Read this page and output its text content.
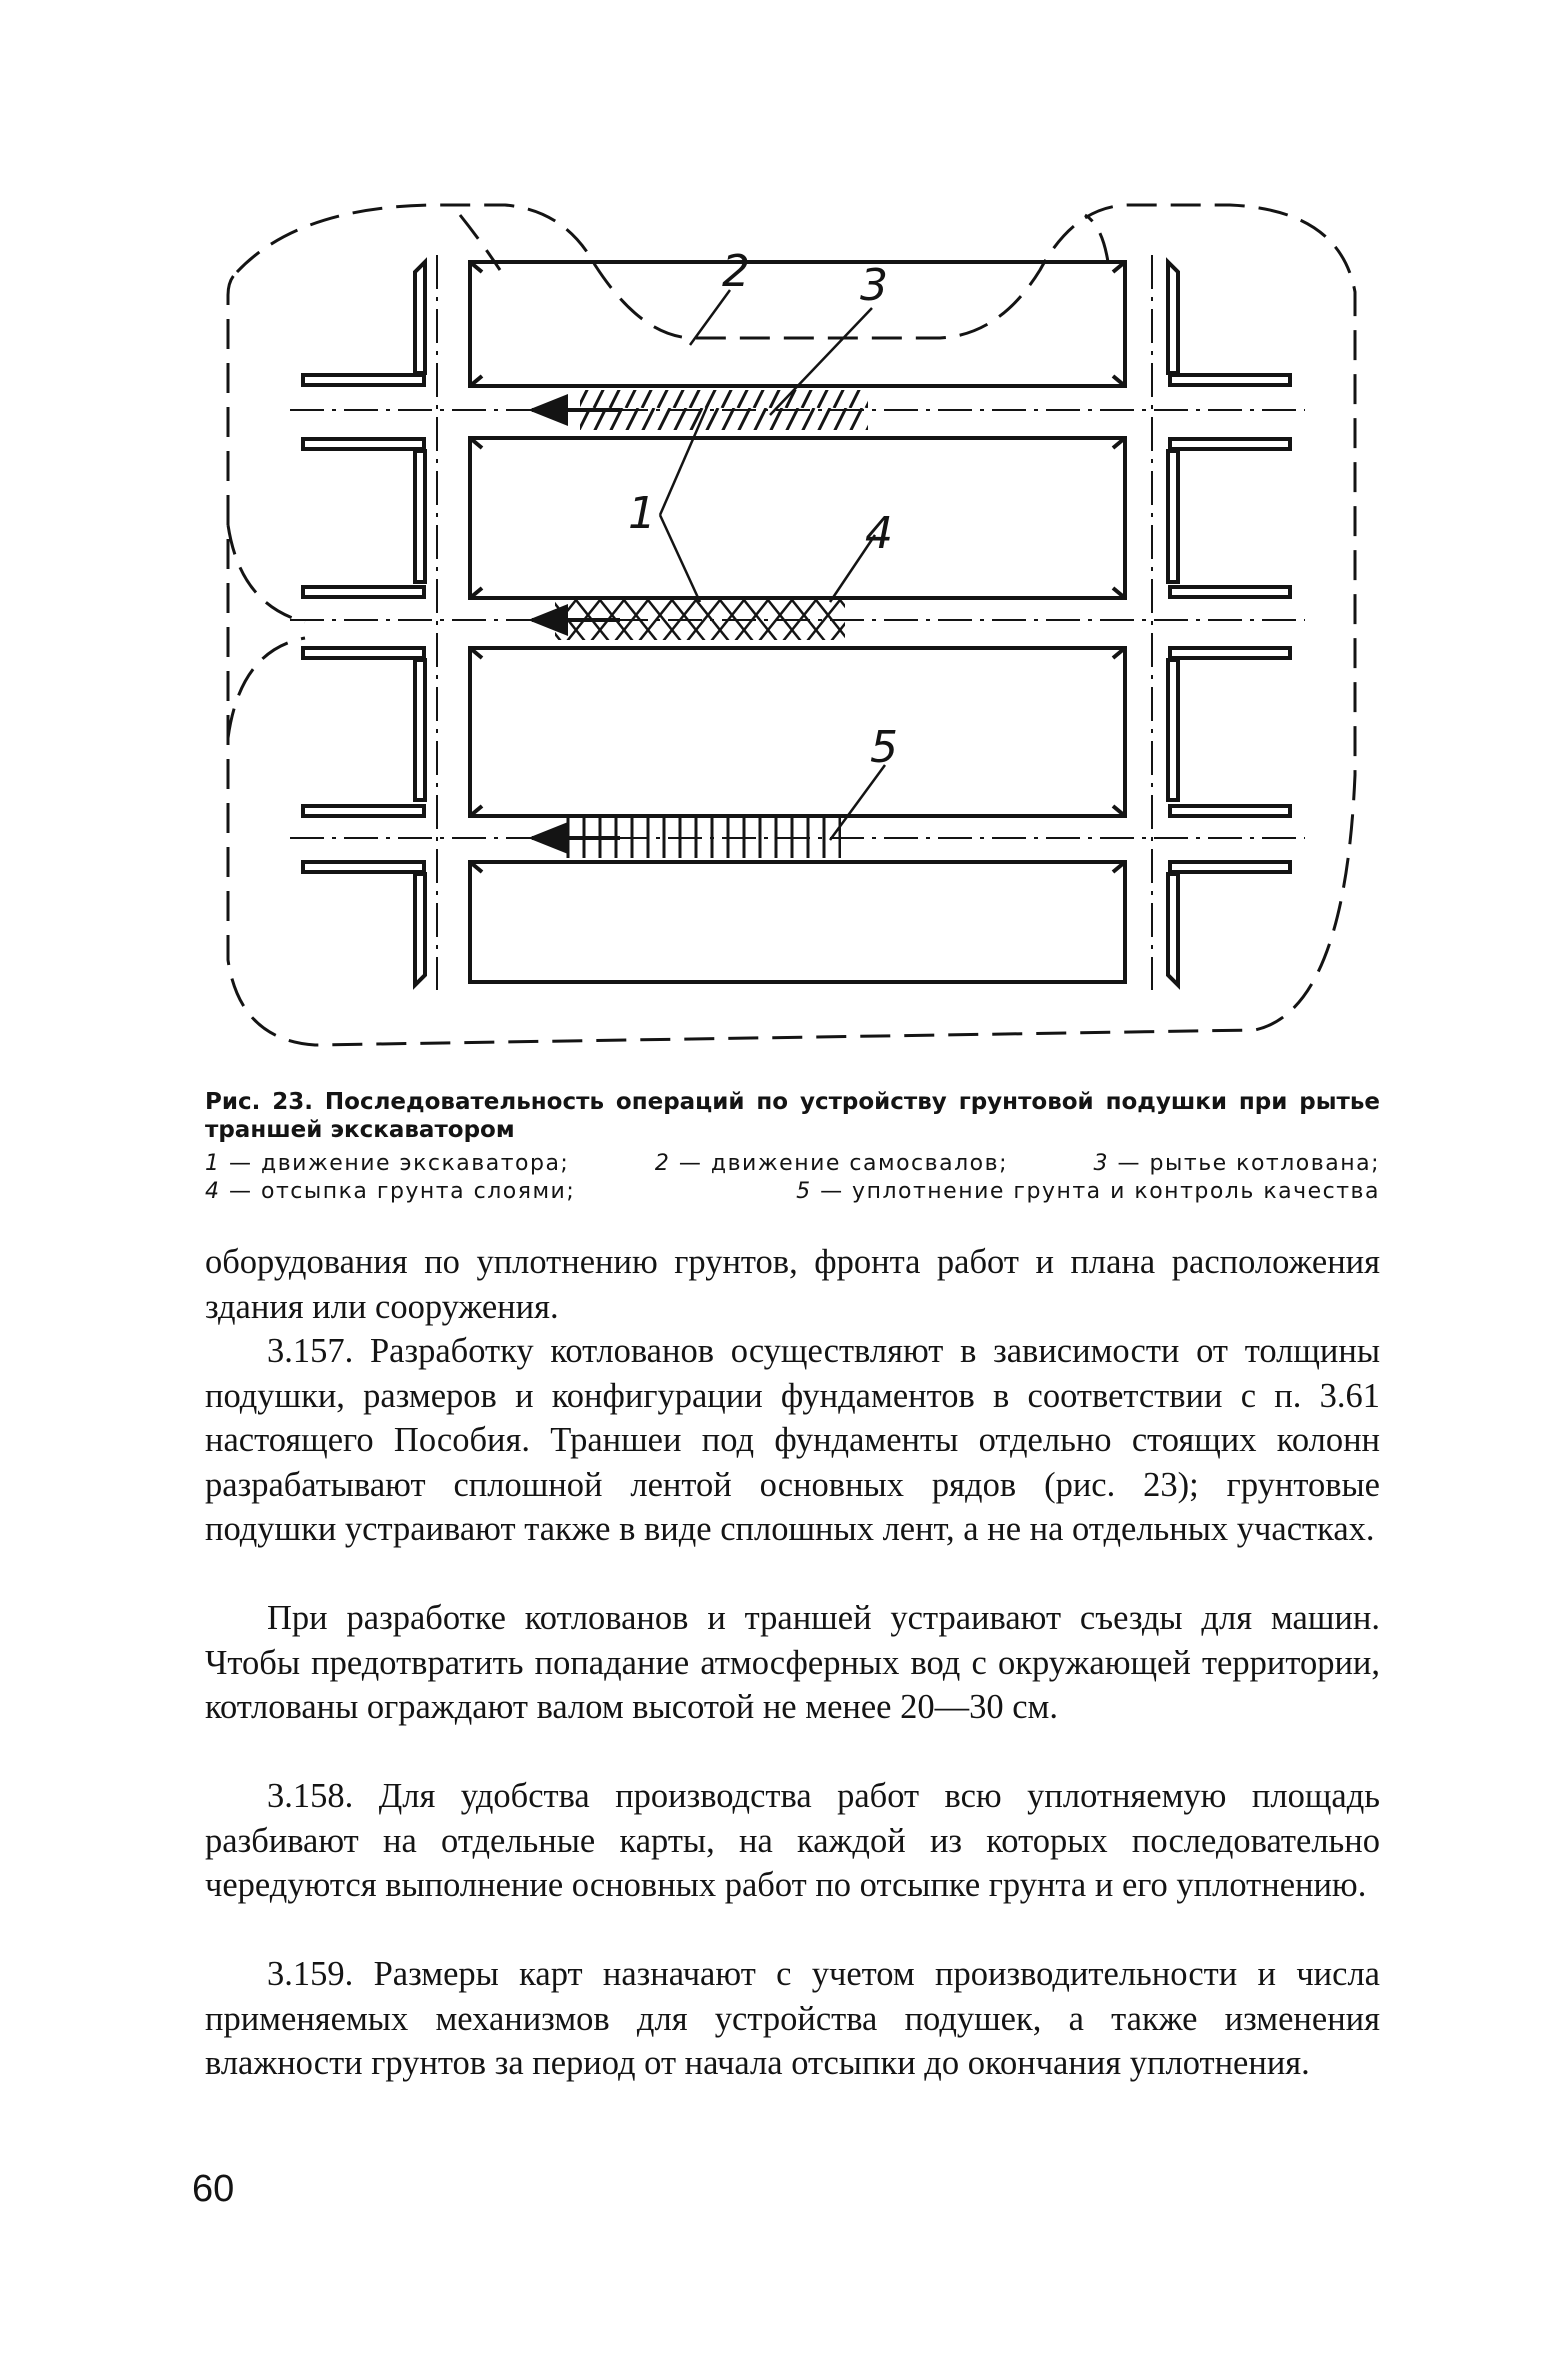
2	3
1	4
5
Рис. 23. Последовательность операций по устройству грунтовой подушки при рытье траншей экскаватором
1 — движение экскаватора;	2 — движение самосвалов;	3 — рытье котлована;
4 — отсыпка грунта слоями;	5 — уплотнение грунта и контроль качества

оборудования по уплотнению грунтов, фронта работ и плана расположения здания или сооружения.

3.157. Разработку котлованов осуществляют в зависимости от толщины подушки, размеров и конфигурации фундаментов в соответствии с п. 3.61 настоящего Пособия. Траншеи под фундаменты отдельно стоящих колонн разрабатывают сплошной лентой основных рядов (рис. 23); грунтовые подушки устраивают также в виде сплошных лент, а не на отдельных участках.

При разработке котлованов и траншей устраивают съезды для машин. Чтобы предотвратить попадание атмосферных вод с окружающей территории, котлованы ограждают валом высотой не менее 20—30 см.

3.158. Для удобства производства работ всю уплотняемую площадь разбивают на отдельные карты, на каждой из которых последовательно чередуются выполнение основных работ по отсыпке грунта и его уплотнению.

3.159. Размеры карт назначают с учетом производительности и числа применяемых механизмов для устройства подушек, а также изменения влажности грунтов за период от начала отсыпки до окончания уплотнения.

60
